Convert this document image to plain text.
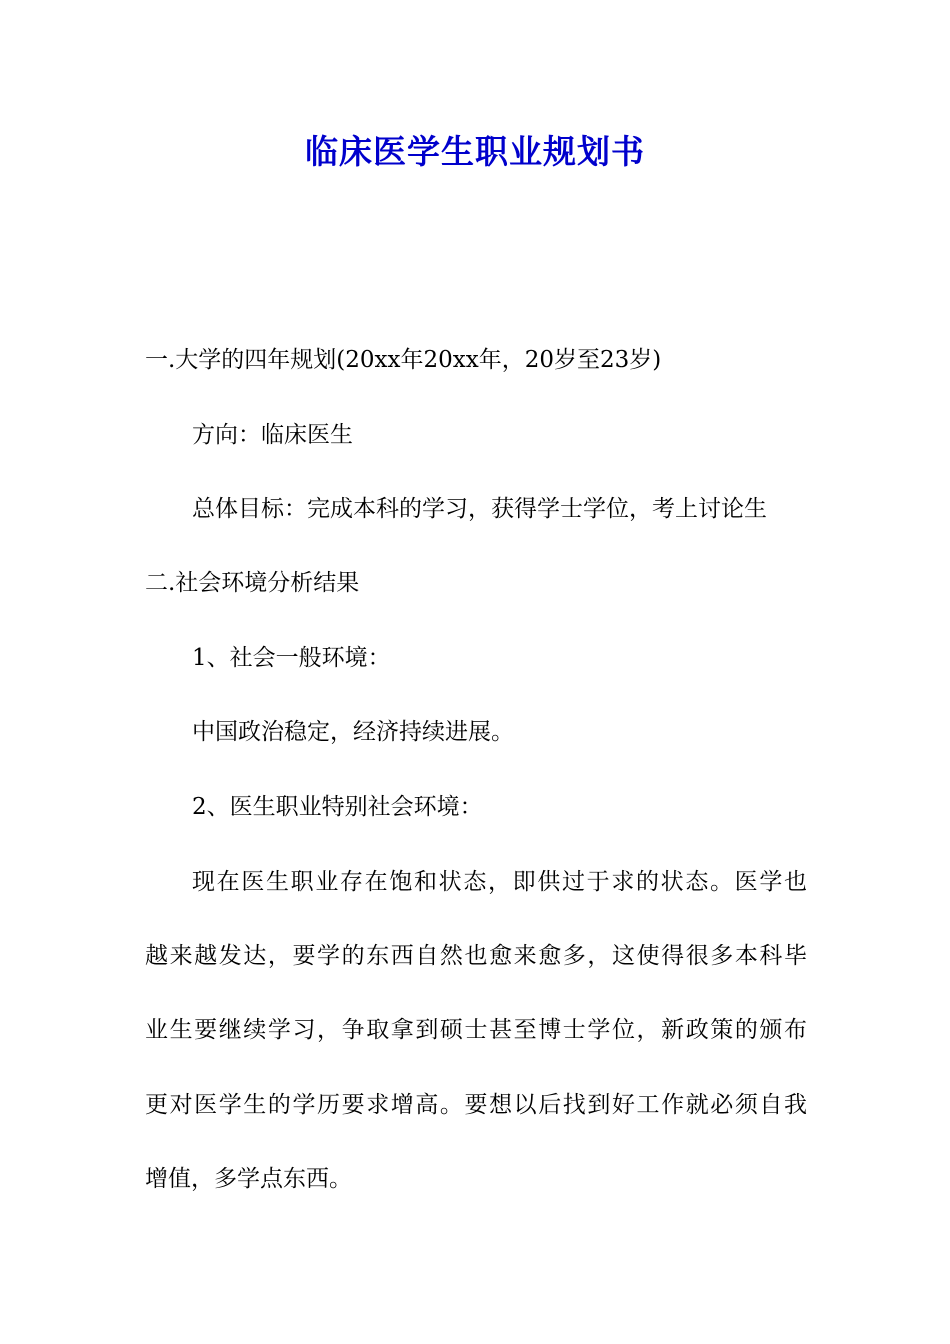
临床医学生职业规划书
一.大学的四年规划(20xx年20xx年，20岁至23岁)
方向：临床医生
总体目标：完成本科的学习，获得学士学位，考上讨论生
二.社会环境分析结果
1、社会一般环境：
中国政治稳定，经济持续进展。
2、医生职业特别社会环境：
现在医生职业存在饱和状态，即供过于求的状态。医学也
越来越发达，要学的东西自然也愈来愈多，这使得很多本科毕
业生要继续学习，争取拿到硕士甚至博士学位，新政策的颁布
更对医学生的学历要求增高。要想以后找到好工作就必须自我
增值，多学点东西。
